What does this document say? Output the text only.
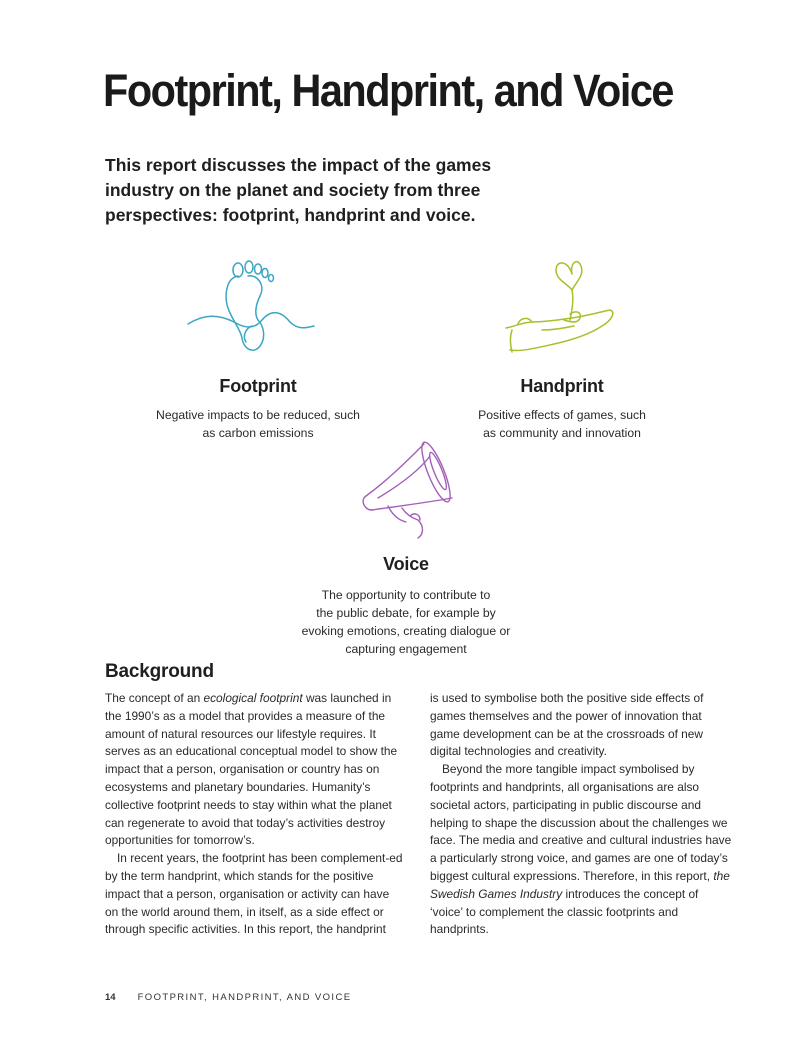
Footprint, Handprint, and Voice

This report discusses the impact of the games industry on the planet and society from three perspectives: footprint, handprint and voice.

Footprint
Negative impacts to be reduced, such
as carbon emissions
Handprint
Positive effects of games, such
as community and innovation
Voice
The opportunity to contribute to
the public debate, for example by
evoking emotions, creating dialogue or
capturing engagement
Background

The concept of an ecological footprint was launched in the 1990’s as a model that provides a measure of the amount of natural resources our lifestyle requires. It serves as an educational conceptual model to show the impact that a person, organisation or country has on ecosystems and planetary boundaries. Humanity’s collective footprint needs to stay within what the planet can regenerate to avoid that today’s activities destroy opportunities for tomorrow’s.

In recent years, the footprint has been complement-ed by the term handprint, which stands for the positive impact that a person, organisation or activity can have on the world around them, in itself, as a side effect or through specific activities. In this report, the handprint

is used to symbolise both the positive side effects of games themselves and the power of innovation that game development can be at the crossroads of new digital technologies and creativity.

Beyond the more tangible impact symbolised by footprints and handprints, all organisations are also societal actors, participating in public discourse and helping to shape the discussion about the challenges we face. The media and creative and cultural industries have a particularly strong voice, and games are one of today’s biggest cultural expressions. Therefore, in this report, the Swedish Games Industry introduces the concept of ‘voice’ to complement the classic footprints and handprints.

14 FOOTPRINT, HANDPRINT, AND VOICE
